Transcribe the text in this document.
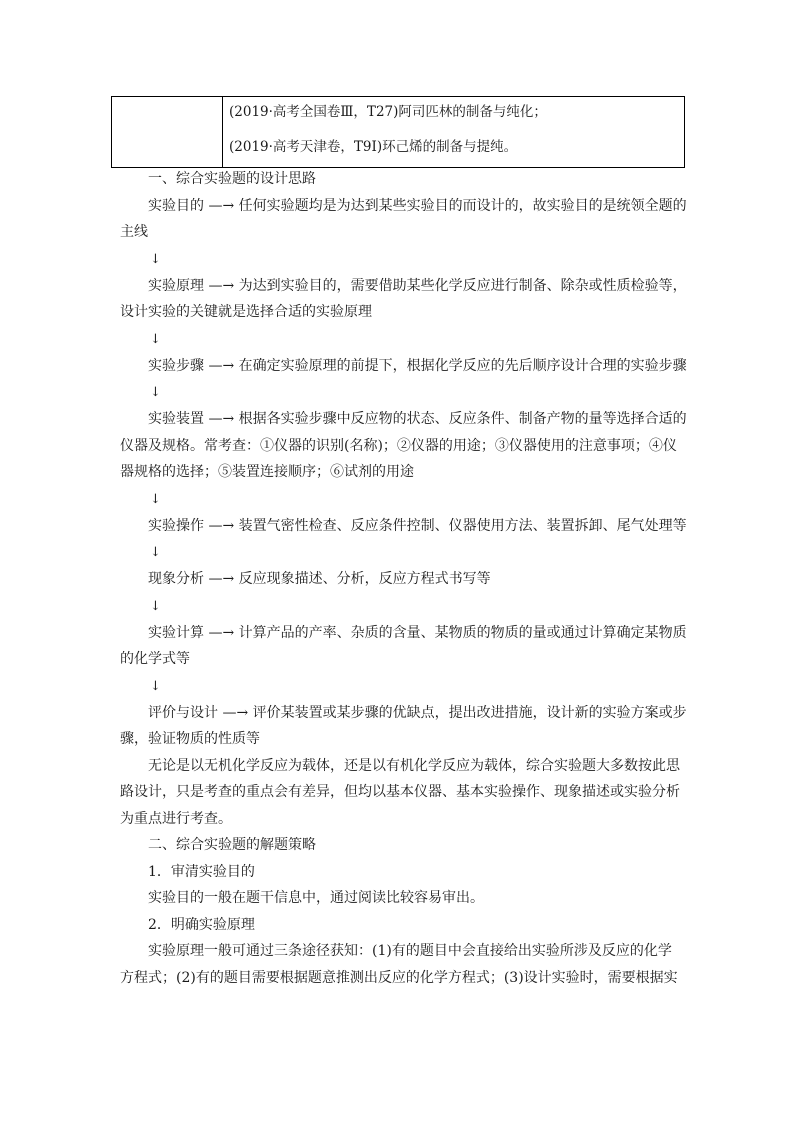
(2019·高考全国卷Ⅲ，T27)阿司匹林的制备与纯化；
(2019·高考天津卷，T9Ⅰ)环己烯的制备与提纯。
一、综合实验题的设计思路
实验目的 —→ 任何实验题均是为达到某些实验目的而设计的，故实验目的是统领全题的
主线
↓
实验原理 —→ 为达到实验目的，需要借助某些化学反应进行制备、除杂或性质检验等，
设计实验的关键就是选择合适的实验原理
↓
实验步骤 —→ 在确定实验原理的前提下，根据化学反应的先后顺序设计合理的实验步骤
↓
实验装置 —→ 根据各实验步骤中反应物的状态、反应条件、制备产物的量等选择合适的
仪器及规格。常考查：①仪器的识别(名称)；②仪器的用途；③仪器使用的注意事项；④仪
器规格的选择；⑤装置连接顺序；⑥试剂的用途
↓
实验操作 —→ 装置气密性检查、反应条件控制、仪器使用方法、装置拆卸、尾气处理等
↓
现象分析 —→ 反应现象描述、分析，反应方程式书写等
↓
实验计算 —→ 计算产品的产率、杂质的含量、某物质的物质的量或通过计算确定某物质
的化学式等
↓
评价与设计 —→ 评价某装置或某步骤的优缺点，提出改进措施，设计新的实验方案或步
骤，验证物质的性质等
无论是以无机化学反应为载体，还是以有机化学反应为载体，综合实验题大多数按此思
路设计，只是考查的重点会有差异，但均以基本仪器、基本实验操作、现象描述或实验分析
为重点进行考查。
二、综合实验题的解题策略
1．审清实验目的
实验目的一般在题干信息中，通过阅读比较容易审出。
2．明确实验原理
实验原理一般可通过三条途径获知：(1)有的题目中会直接给出实验所涉及反应的化学
方程式；(2)有的题目需要根据题意推测出反应的化学方程式；(3)设计实验时，需要根据实
